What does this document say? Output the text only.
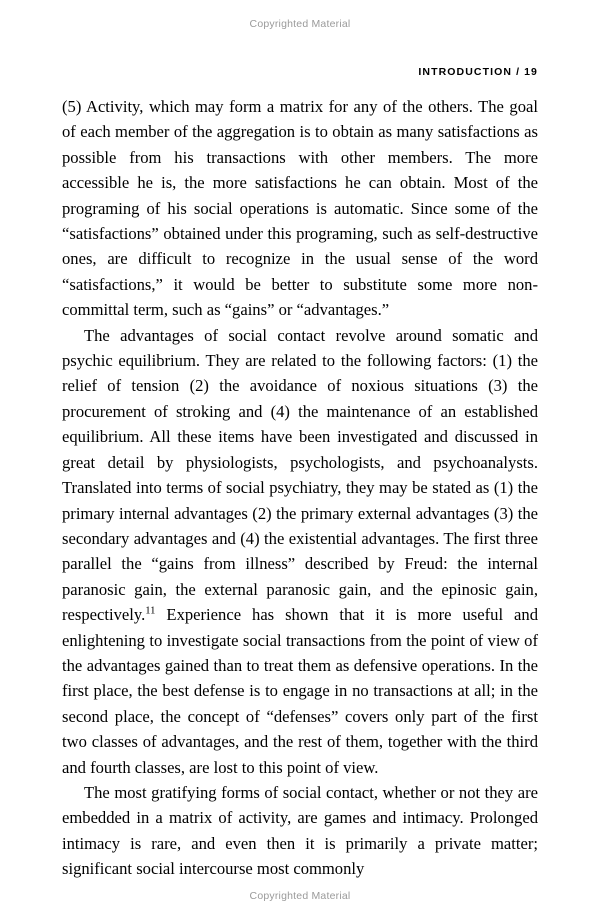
Copyrighted Material
INTRODUCTION / 19

(5) Activity, which may form a matrix for any of the others. The goal of each member of the aggregation is to obtain as many satisfactions as possible from his transactions with other members. The more accessible he is, the more satisfactions he can obtain. Most of the programing of his social operations is automatic. Since some of the “satisfactions” obtained under this programing, such as self-destructive ones, are difficult to recognize in the usual sense of the word “satisfactions,” it would be better to substitute some more non-committal term, such as “gains” or “advantages.”

The advantages of social contact revolve around somatic and psychic equilibrium. They are related to the following factors: (1) the relief of tension (2) the avoidance of noxious situations (3) the procurement of stroking and (4) the maintenance of an established equilibrium. All these items have been investigated and discussed in great detail by physiologists, psychologists, and psychoanalysts. Translated into terms of social psychiatry, they may be stated as (1) the primary internal advantages (2) the primary external advantages (3) the secondary advantages and (4) the existential advantages. The first three parallel the “gains from illness” described by Freud: the internal paranosic gain, the external paranosic gain, and the epinosic gain, respectively.$^{11}$ Experience has shown that it is more useful and enlightening to investigate social transactions from the point of view of the advantages gained than to treat them as defensive operations. In the first place, the best defense is to engage in no transactions at all; in the second place, the concept of “defenses” covers only part of the first two classes of advantages, and the rest of them, together with the third and fourth classes, are lost to this point of view.

The most gratifying forms of social contact, whether or not they are embedded in a matrix of activity, are games and intimacy. Prolonged intimacy is rare, and even then it is primarily a private matter; significant social intercourse most commonly

Copyrighted Material
